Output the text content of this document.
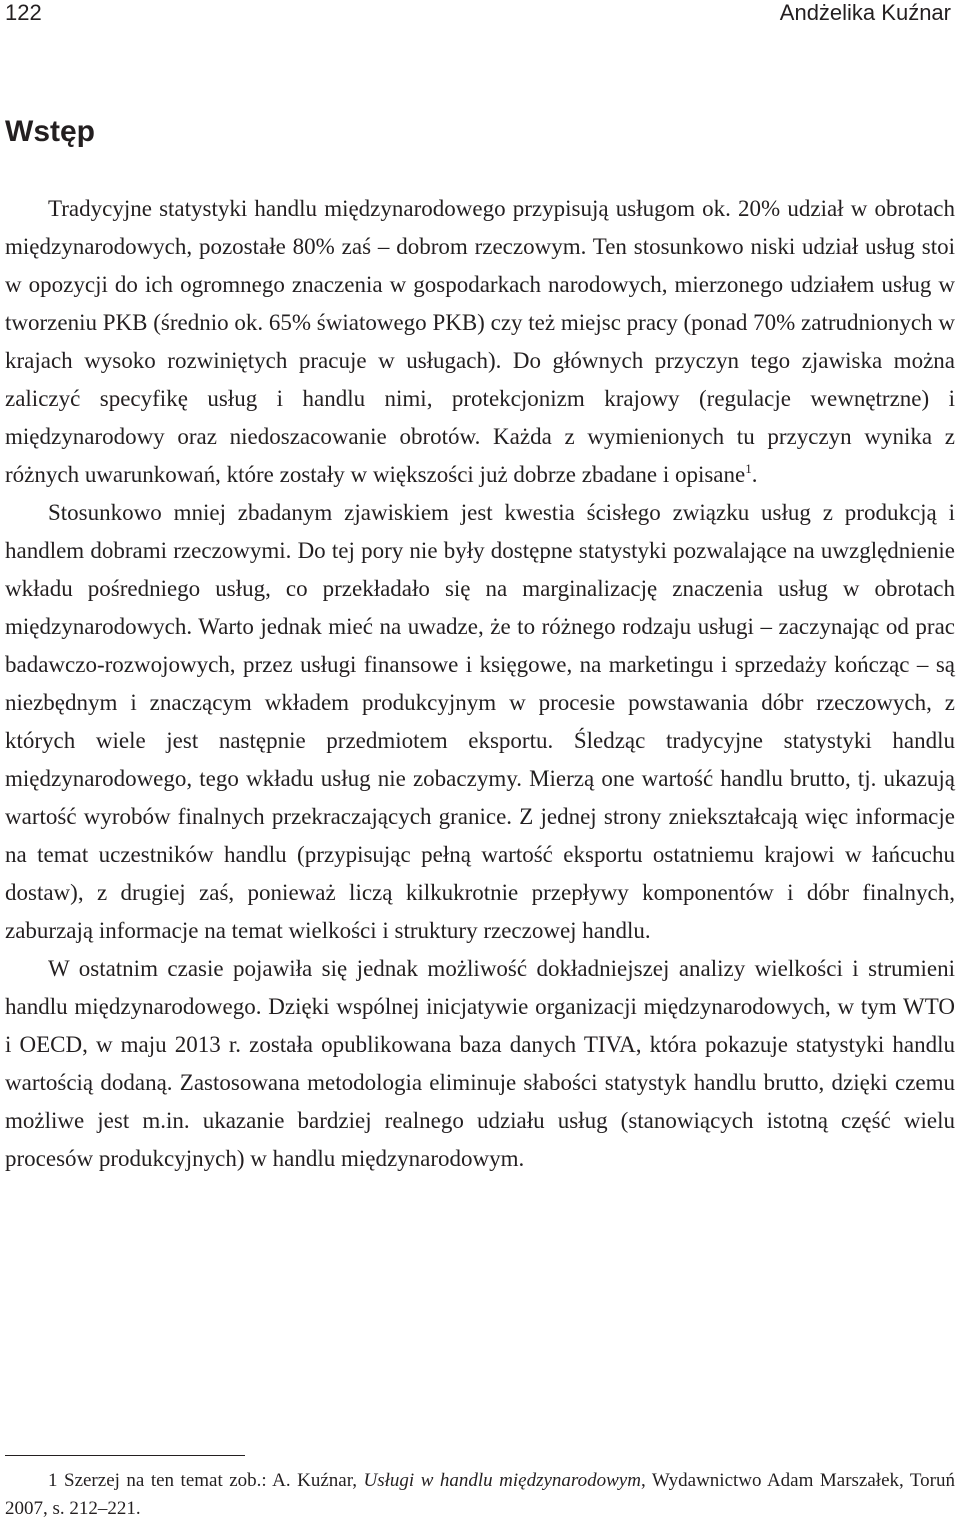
122	Andżelika Kuźnar
Wstęp

Tradycyjne statystyki handlu międzynarodowego przypisują usługom ok. 20% udział w obrotach międzynarodowych, pozostałe 80% zaś – dobrom rzeczowym. Ten stosunkowo niski udział usług stoi w opozycji do ich ogromnego znaczenia w gospodarkach narodowych, mierzonego udziałem usług w tworzeniu PKB (średnio ok. 65% światowego PKB) czy też miejsc pracy (ponad 70% zatrudnionych w krajach wysoko rozwiniętych pracuje w usługach). Do głównych przyczyn tego zjawiska można zaliczyć specyfikę usług i handlu nimi, protekcjonizm krajowy (regulacje wewnętrzne) i międzynarodowy oraz niedoszacowanie obrotów. Każda z wymienionych tu przyczyn wynika z różnych uwarunkowań, które zostały w większości już dobrze zbadane i opisane$^1$.

Stosunkowo mniej zbadanym zjawiskiem jest kwestia ścisłego związku usług z produkcją i handlem dobrami rzeczowymi. Do tej pory nie były dostępne statystyki pozwalające na uwzględnienie wkładu pośredniego usług, co przekładało się na marginalizację znaczenia usług w obrotach międzynarodowych. Warto jednak mieć na uwadze, że to różnego rodzaju usługi – zaczynając od prac badawczo-rozwojowych, przez usługi finansowe i księgowe, na marketingu i sprzedaży kończąc – są niezbędnym i znaczącym wkładem produkcyjnym w procesie powstawania dóbr rzeczowych, z których wiele jest następnie przedmiotem eksportu. Śledząc tradycyjne statystyki handlu międzynarodowego, tego wkładu usług nie zobaczymy. Mierzą one wartość handlu brutto, tj. ukazują wartość wyrobów finalnych przekraczających granice. Z jednej strony zniekształcają więc informacje na temat uczestników handlu (przypisując pełną wartość eksportu ostatniemu krajowi w łańcuchu dostaw), z drugiej zaś, ponieważ liczą kilkukrotnie przepływy komponentów i dóbr finalnych, zaburzają informacje na temat wielkości i struktury rzeczowej handlu.

W ostatnim czasie pojawiła się jednak możliwość dokładniejszej analizy wielkości i strumieni handlu międzynarodowego. Dzięki wspólnej inicjatywie organizacji międzynarodowych, w tym WTO i OECD, w maju 2013 r. została opublikowana baza danych TIVA, która pokazuje statystyki handlu wartością dodaną. Zastosowana metodologia eliminuje słabości statystyk handlu brutto, dzięki czemu możliwe jest m.in. ukazanie bardziej realnego udziału usług (stanowiących istotną część wielu procesów produkcyjnych) w handlu międzynarodowym.

1 Szerzej na ten temat zob.: A. Kuźnar, Usługi w handlu międzynarodowym, Wydawnictwo Adam Marszałek, Toruń 2007, s. 212–221.
